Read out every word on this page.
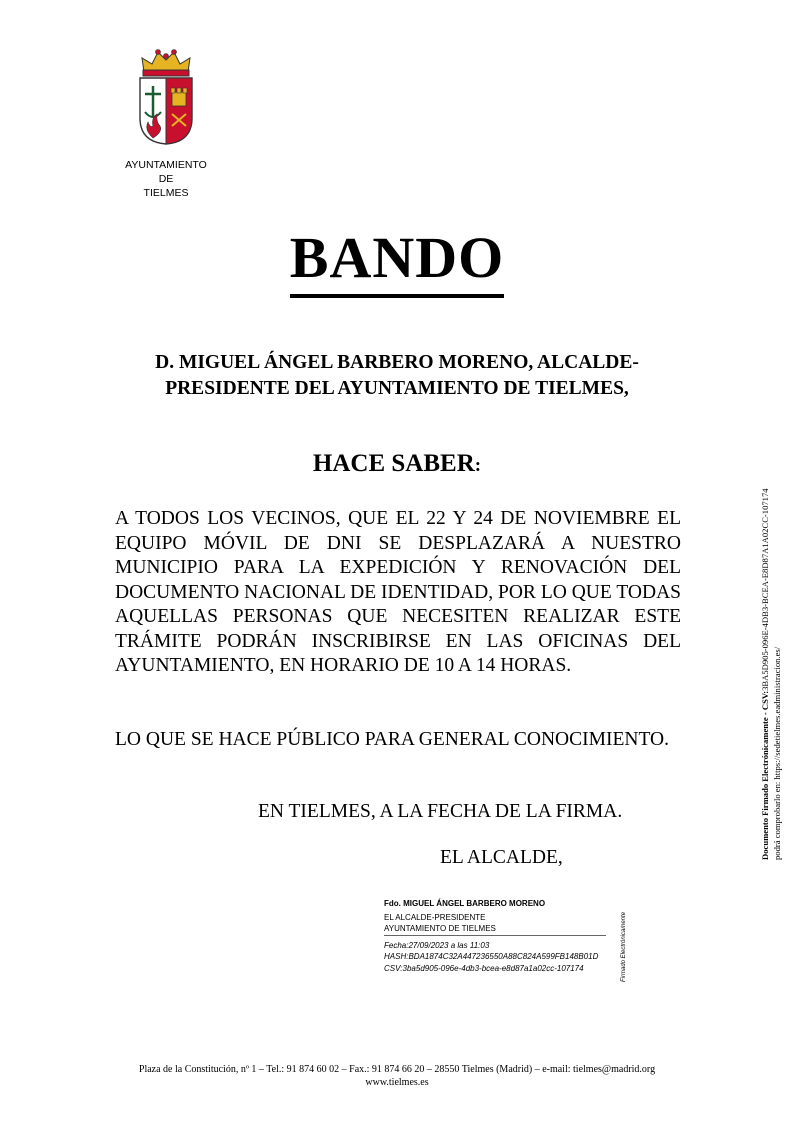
AYUNTAMIENTO
DE
TIELMES
BANDO
D. MIGUEL ÁNGEL BARBERO MORENO, ALCALDE-
PRESIDENTE DEL AYUNTAMIENTO DE TIELMES,
HACE SABER:
A TODOS LOS VECINOS, QUE EL 22 Y 24 DE NOVIEMBRE EL EQUIPO MÓVIL DE DNI SE DESPLAZARÁ A NUESTRO MUNICIPIO PARA LA EXPEDICIÓN Y RENOVACIÓN DEL DOCUMENTO NACIONAL DE IDENTIDAD, POR LO QUE TODAS AQUELLAS PERSONAS QUE NECESITEN REALIZAR ESTE TRÁMITE PODRÁN INSCRIBIRSE EN LAS OFICINAS DEL AYUNTAMIENTO, EN HORARIO DE 10 A 14 HORAS.
LO QUE SE HACE PÚBLICO PARA GENERAL CONOCIMIENTO.
EN TIELMES, A LA FECHA DE LA FIRMA.
EL ALCALDE,
Fdo. MIGUEL ÁNGEL BARBERO MORENO
EL ALCALDE-PRESIDENTE
AYUNTAMIENTO DE TIELMES
Fecha:27/09/2023 a las 11:03
HASH:BDA1874C32A447236550A88C824A599FB148B01D
CSV:3ba5d905-096e-4db3-bcea-e8d87a1a02cc-107174	Firmado Electrónicamente
Documento Firmado Electrónicamente - CSV:3BA5D905-096E-4DB3-BCEA-E8D87A1A02CC-107174
podrá comprobarlo en: https://sedetielmes.eadministracion.es/
Plaza de la Constitución, nº 1 – Tel.: 91 874 60 02 – Fax.: 91 874 66 20 – 28550 Tielmes (Madrid) – e-mail: tielmes@madrid.org
www.tielmes.es
